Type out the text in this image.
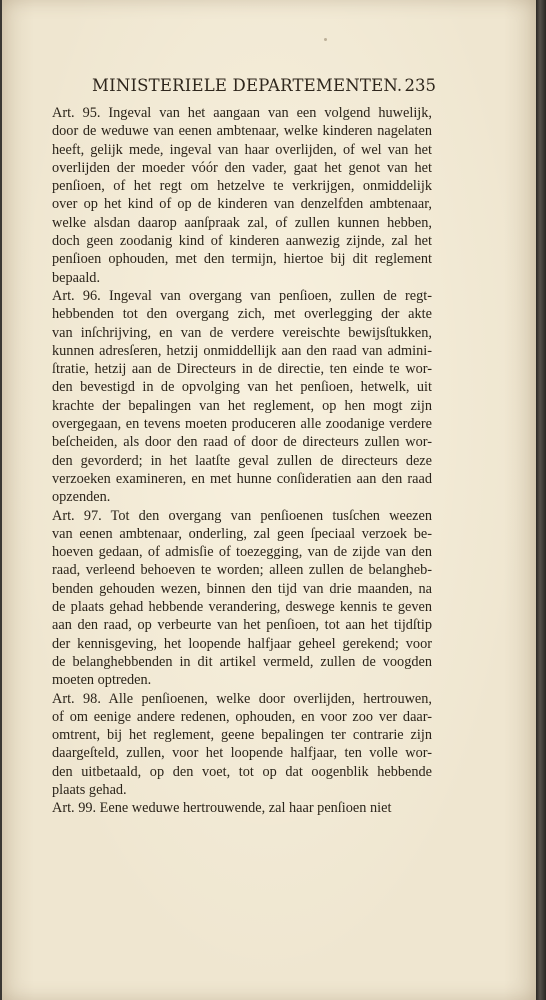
MINISTERIELE DEPARTEMENTEN. 235
Art. 95. Ingeval van het aangaan van een volgend huwelijk,
door de weduwe van eenen ambtenaar, welke kinderen nagelaten
heeft, gelijk mede, ingeval van haar overlijden, of wel van het
overlijden der moeder vóór den vader, gaat het genot van het
penſioen, of het regt om hetzelve te verkrijgen, onmiddelijk
over op het kind of op de kinderen van denzelfden ambtenaar,
welke alsdan daarop aanſpraak zal, of zullen kunnen hebben,
doch geen zoodanig kind of kinderen aanwezig zijnde, zal het
penſioen ophouden, met den termijn, hiertoe bij dit reglement
bepaald.
Art. 96. Ingeval van overgang van penſioen, zullen de regt-
hebbenden tot den overgang zich, met overlegging der akte
van inſchrijving, en van de verdere vereischte bewijsſtukken,
kunnen adresſeren, hetzij onmiddellijk aan den raad van admini-
ſtratie, hetzij aan de Directeurs in de directie, ten einde te wor-
den bevestigd in de opvolging van het penſioen, hetwelk, uit
krachte der bepalingen van het reglement, op hen mogt zijn
overgegaan, en tevens moeten produceren alle zoodanige verdere
beſcheiden, als door den raad of door de directeurs zullen wor-
den gevorderd; in het laatſte geval zullen de directeurs deze
verzoeken examineren, en met hunne conſideratien aan den raad
opzenden.
Art. 97. Tot den overgang van penſioenen tusſchen weezen
van eenen ambtenaar, onderling, zal geen ſpeciaal verzoek be-
hoeven gedaan, of admisſie of toezegging, van de zijde van den
raad, verleend behoeven te worden; alleen zullen de belangheb-
benden gehouden wezen, binnen den tijd van drie maanden, na
de plaats gehad hebbende verandering, deswege kennis te geven
aan den raad, op verbeurte van het penſioen, tot aan het tijdſtip
der kennisgeving, het loopende halfjaar geheel gerekend; voor
de belanghebbenden in dit artikel vermeld, zullen de voogden
moeten optreden.
Art. 98. Alle penſioenen, welke door overlijden, hertrouwen,
of om eenige andere redenen, ophouden, en voor zoo ver daar-
omtrent, bij het reglement, geene bepalingen ter contrarie zijn
daargeſteld, zullen, voor het loopende halfjaar, ten volle wor-
den uitbetaald, op den voet, tot op dat oogenblik hebbende
plaats gehad.
Art. 99. Eene weduwe hertrouwende, zal haar penſioen niet
